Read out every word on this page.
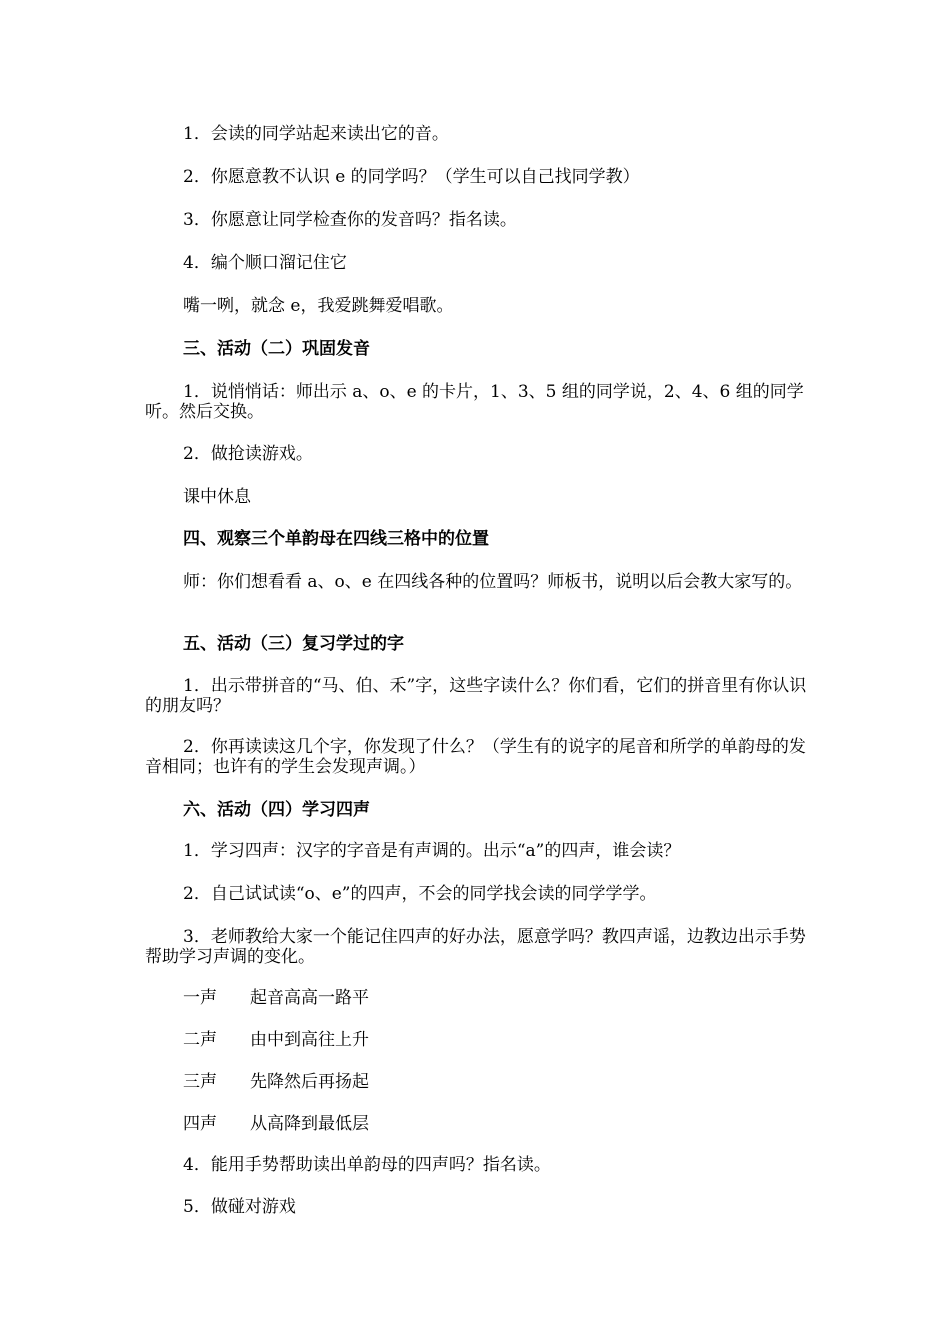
1．会读的同学站起来读出它的音。
2．你愿意教不认识 e 的同学吗？（学生可以自己找同学教）
3．你愿意让同学检查你的发音吗？指名读。
4．编个顺口溜记住它
嘴一咧，就念 e，我爱跳舞爱唱歌。
三、活动（二）巩固发音
1．说悄悄话：师出示 a、o、e 的卡片，1、3、5 组的同学说，2、4、6 组的同学听。然后交换。
2．做抢读游戏。
课中休息
四、观察三个单韵母在四线三格中的位置
师：你们想看看 a、o、e 在四线各种的位置吗？师板书，说明以后会教大家写的。
五、活动（三）复习学过的字
1．出示带拼音的“马、伯、禾”字，这些字读什么？你们看，它们的拼音里有你认识的朋友吗？
2．你再读读这几个字，你发现了什么？（学生有的说字的尾音和所学的单韵母的发音相同；也许有的学生会发现声调。）
六、活动（四）学习四声
1．学习四声：汉字的字音是有声调的。出示“a”的四声，谁会读？
2．自己试试读“o、e”的四声，不会的同学找会读的同学学学。
3．老师教给大家一个能记住四声的好办法，愿意学吗？教四声谣，边教边出示手势帮助学习声调的变化。
一声 起音高高一路平
二声 由中到高往上升
三声 先降然后再扬起
四声 从高降到最低层
4．能用手势帮助读出单韵母的四声吗？指名读。
5．做碰对游戏
